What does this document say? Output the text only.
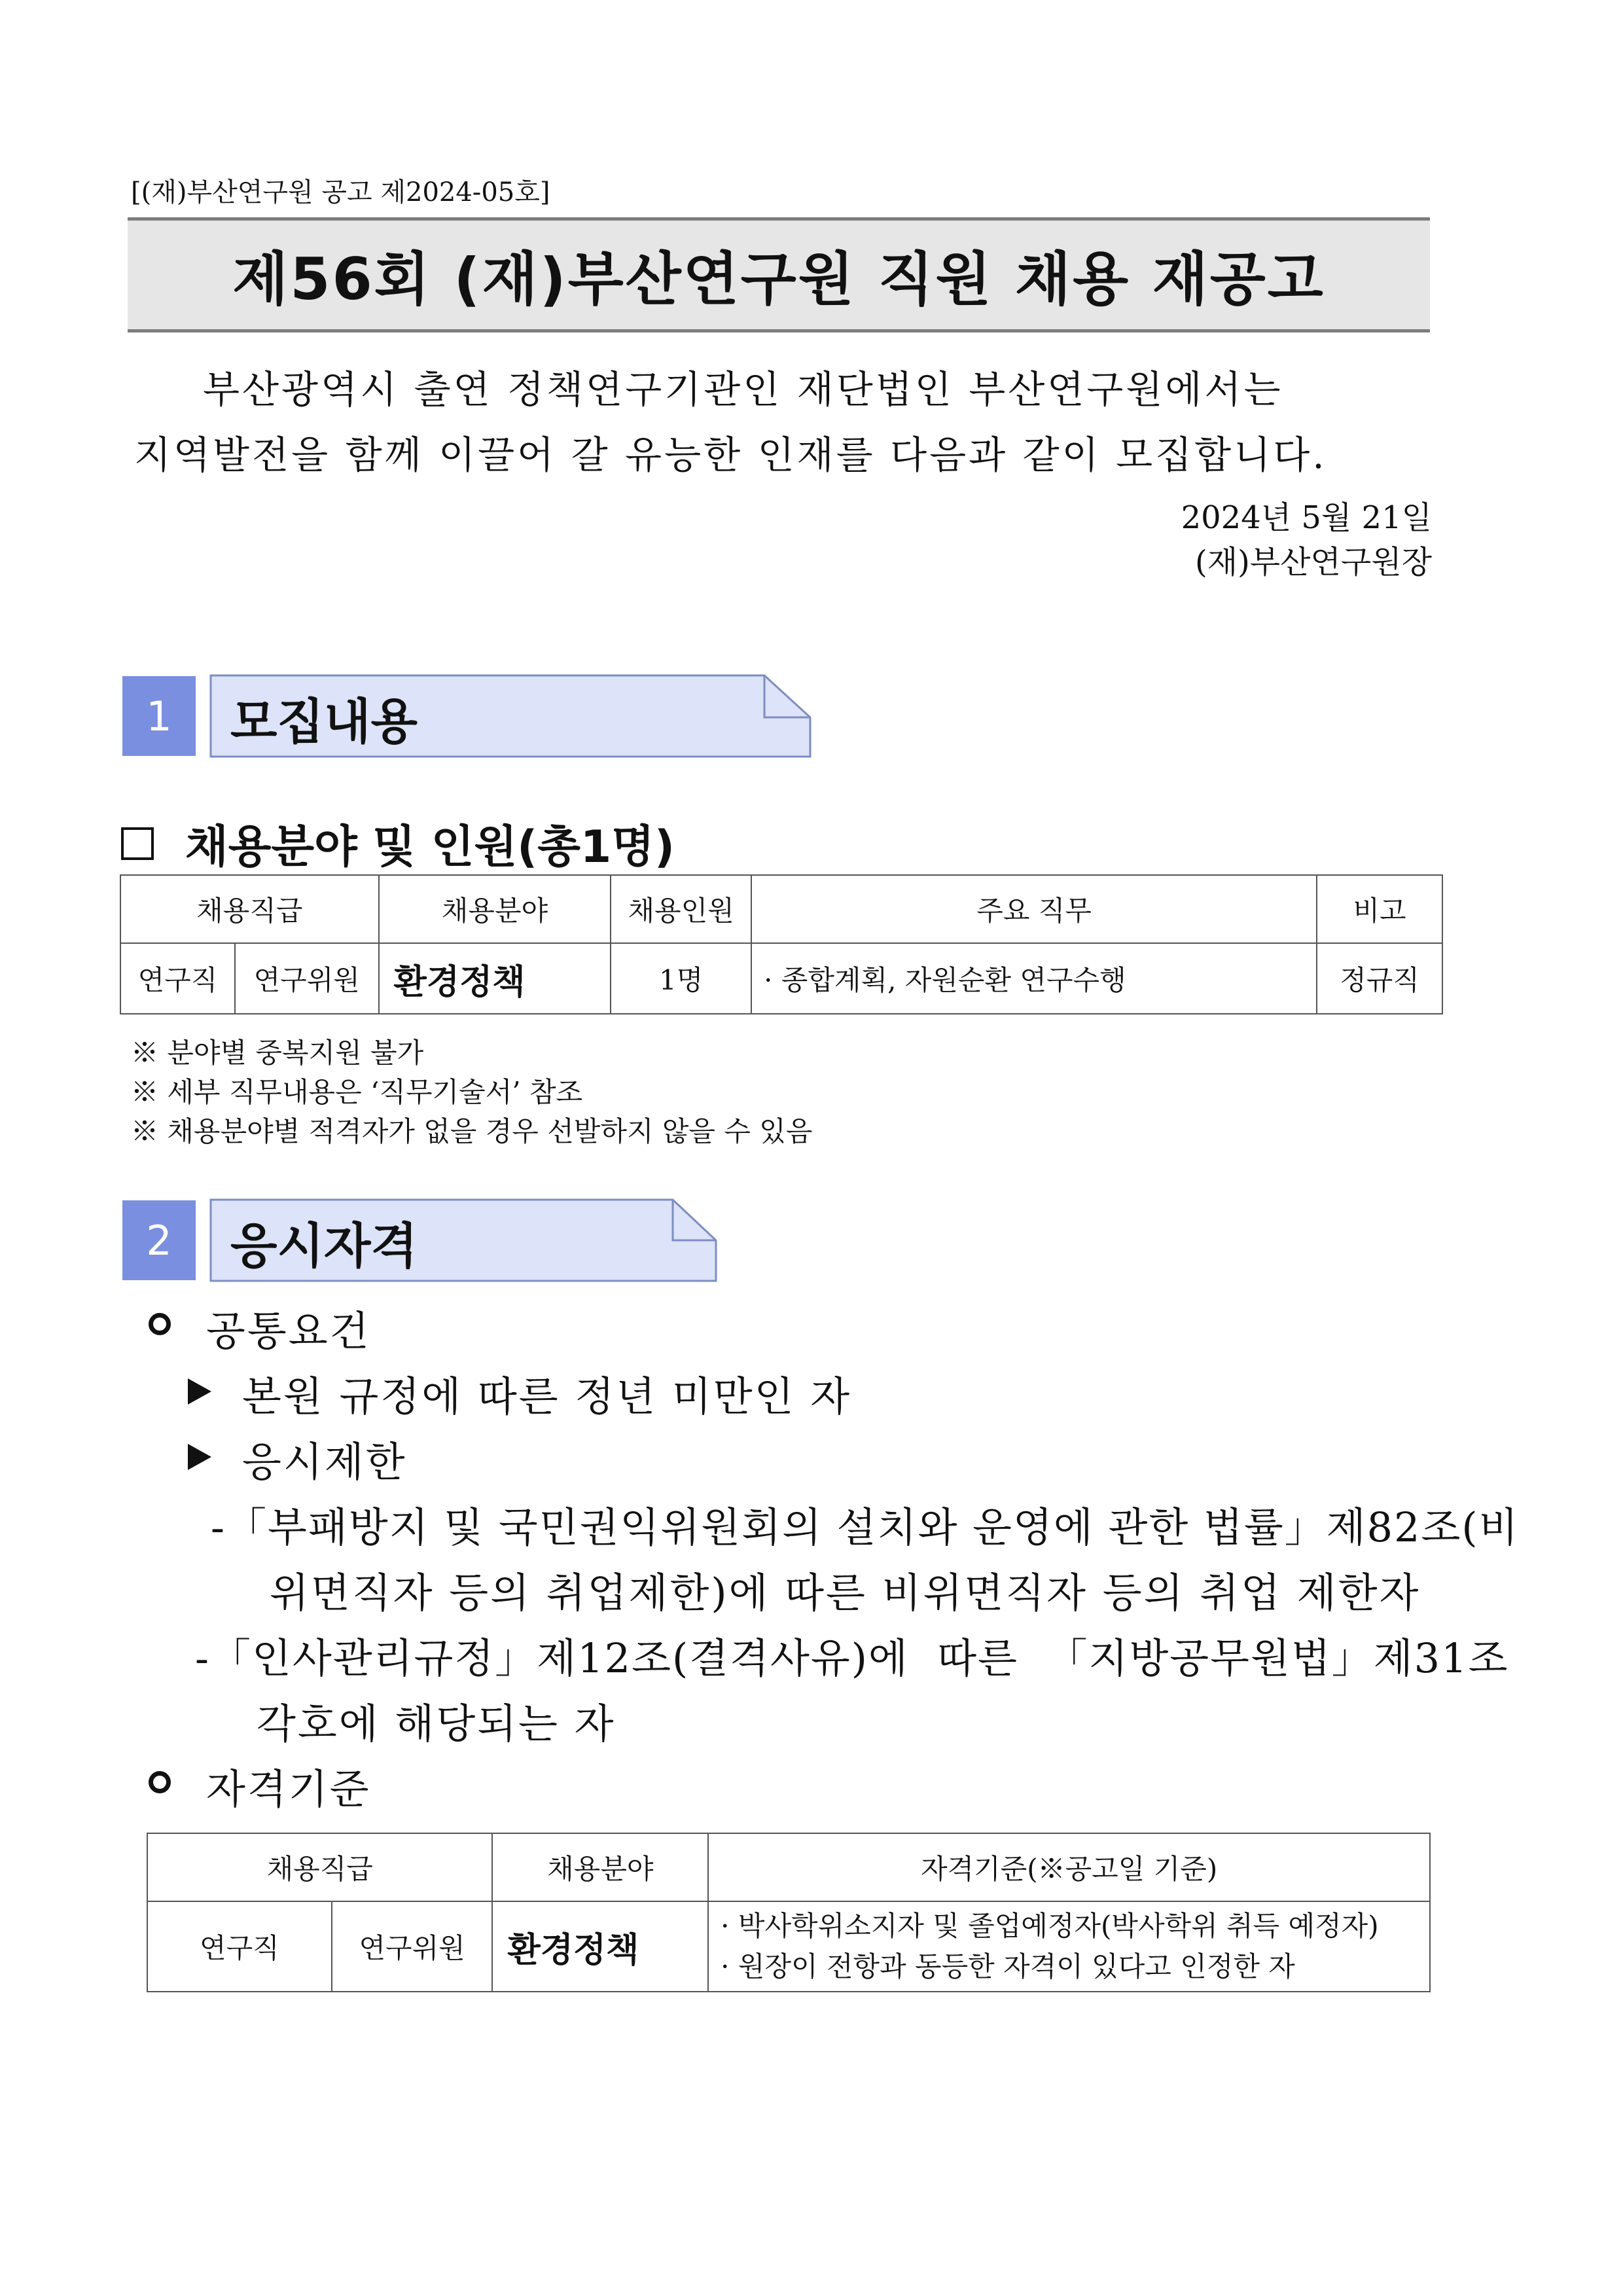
[(재)부산연구원 공고 제2024-05호]
제56회 (재)부산연구원 직원 채용 재공고
부산광역시 출연 정책연구기관인 재단법인 부산연구원에서는
지역발전을 함께 이끌어 갈 유능한 인재를 다음과 같이 모집합니다.
2024년 5월 21일
(재)부산연구원장
1	모집내용
채용분야 및 인원(총1명)
채용직급		채용분야	채용인원	주요 직무	비고
연구직	연구위원	환경정책	1명	· 종합계획, 자원순환 연구수행	정규직
※ 분야별 중복지원 불가
※ 세부 직무내용은 ‘직무기술서’ 참조
※ 채용분야별 적격자가 없을 경우 선발하지 않을 수 있음
2	응시자격
공통요건
본원 규정에 따른 정년 미만인 자
응시제한
-「부패방지 및 국민권익위원회의 설치와 운영에 관한 법률」제82조(비
위면직자 등의 취업제한)에 따른 비위면직자 등의 취업 제한자
-「인사관리규정」제12조(결격사유)에  따른  「지방공무원법」제31조
각호에 해당되는 자
자격기준
채용직급		채용분야	자격기준(※공고일 기준)
연구직	연구위원	환경정책	· 박사학위소지자 및 졸업예정자(박사학위 취득 예정자)
· 원장이 전항과 동등한 자격이 있다고 인정한 자
